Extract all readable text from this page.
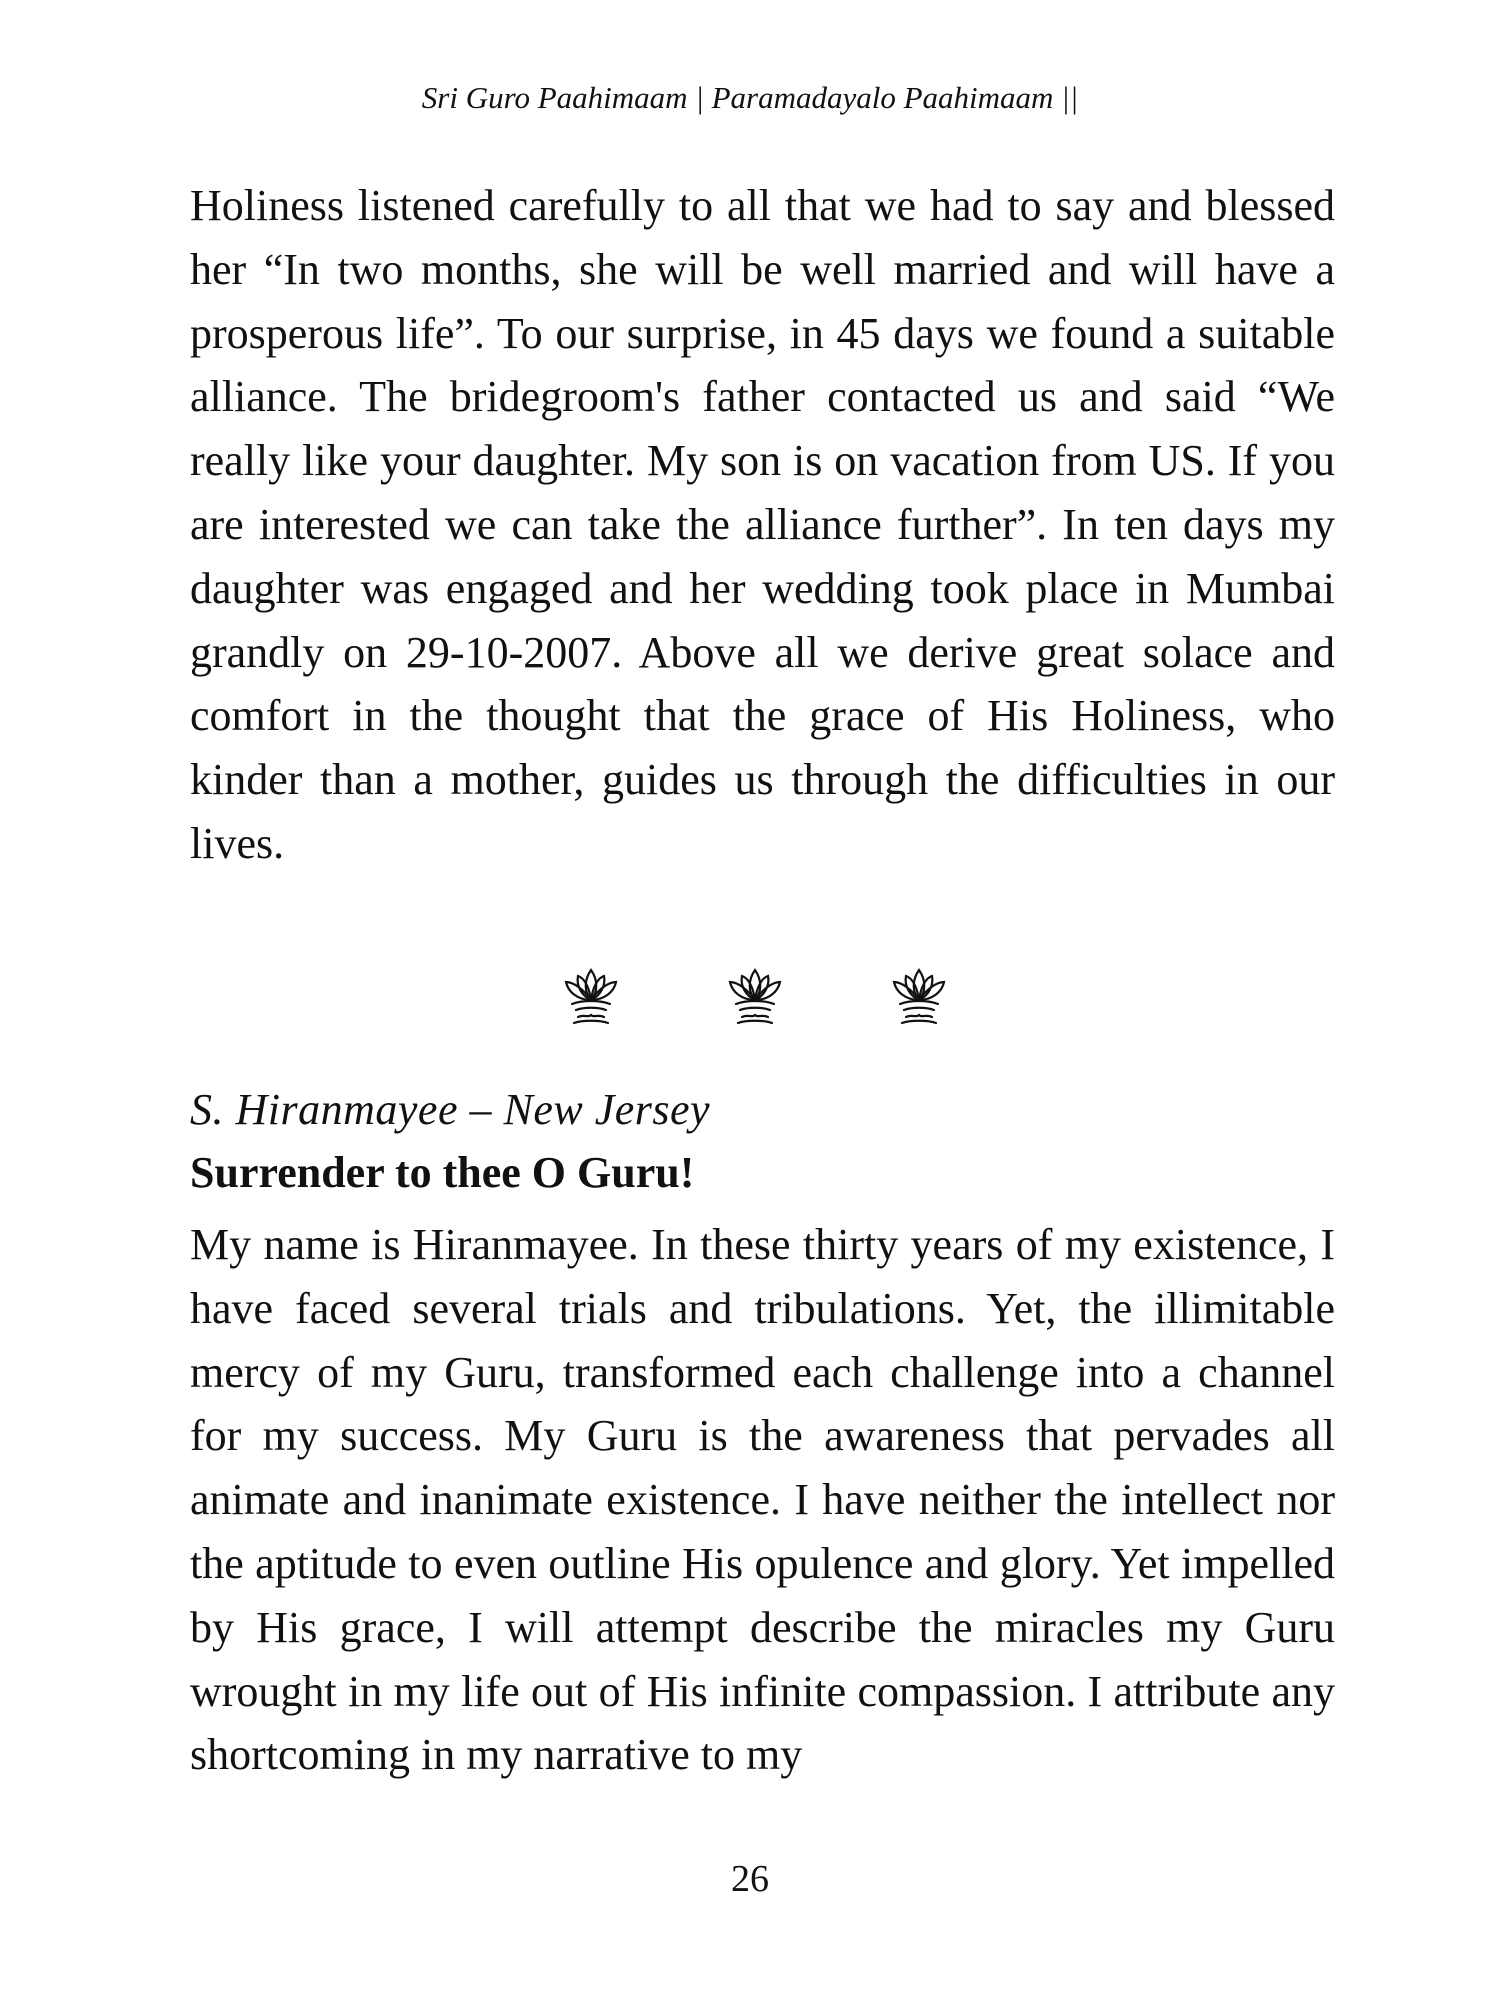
Sri Guro Paahimaam | Paramadayalo Paahimaam ||

Holiness listened carefully to all that we had to say and blessed her “In two months, she will be well married and will have a prosperous life”. To our surprise, in 45 days we found a suitable alliance. The bridegroom's father contacted us and said “We really like your daughter. My son is on vacation from US. If you are interested we can take the alliance further”. In ten days my daughter was engaged and her wedding took place in Mumbai grandly on 29-10-2007. Above all we derive great solace and comfort in the thought that the grace of His Holiness, who kinder than a mother, guides us through the difficulties in our lives.

S. Hiranmayee – New Jersey
Surrender to thee O Guru!

My name is Hiranmayee. In these thirty years of my existence, I have faced several trials and tribulations. Yet, the illimitable mercy of my Guru, transformed each challenge into a channel for my success. My Guru is the awareness that pervades all animate and inanimate existence. I have neither the intellect nor the aptitude to even outline His opulence and glory. Yet impelled by His grace, I will attempt describe the miracles my Guru wrought in my life out of His infinite compassion. I attribute any shortcoming in my narrative to my

26
